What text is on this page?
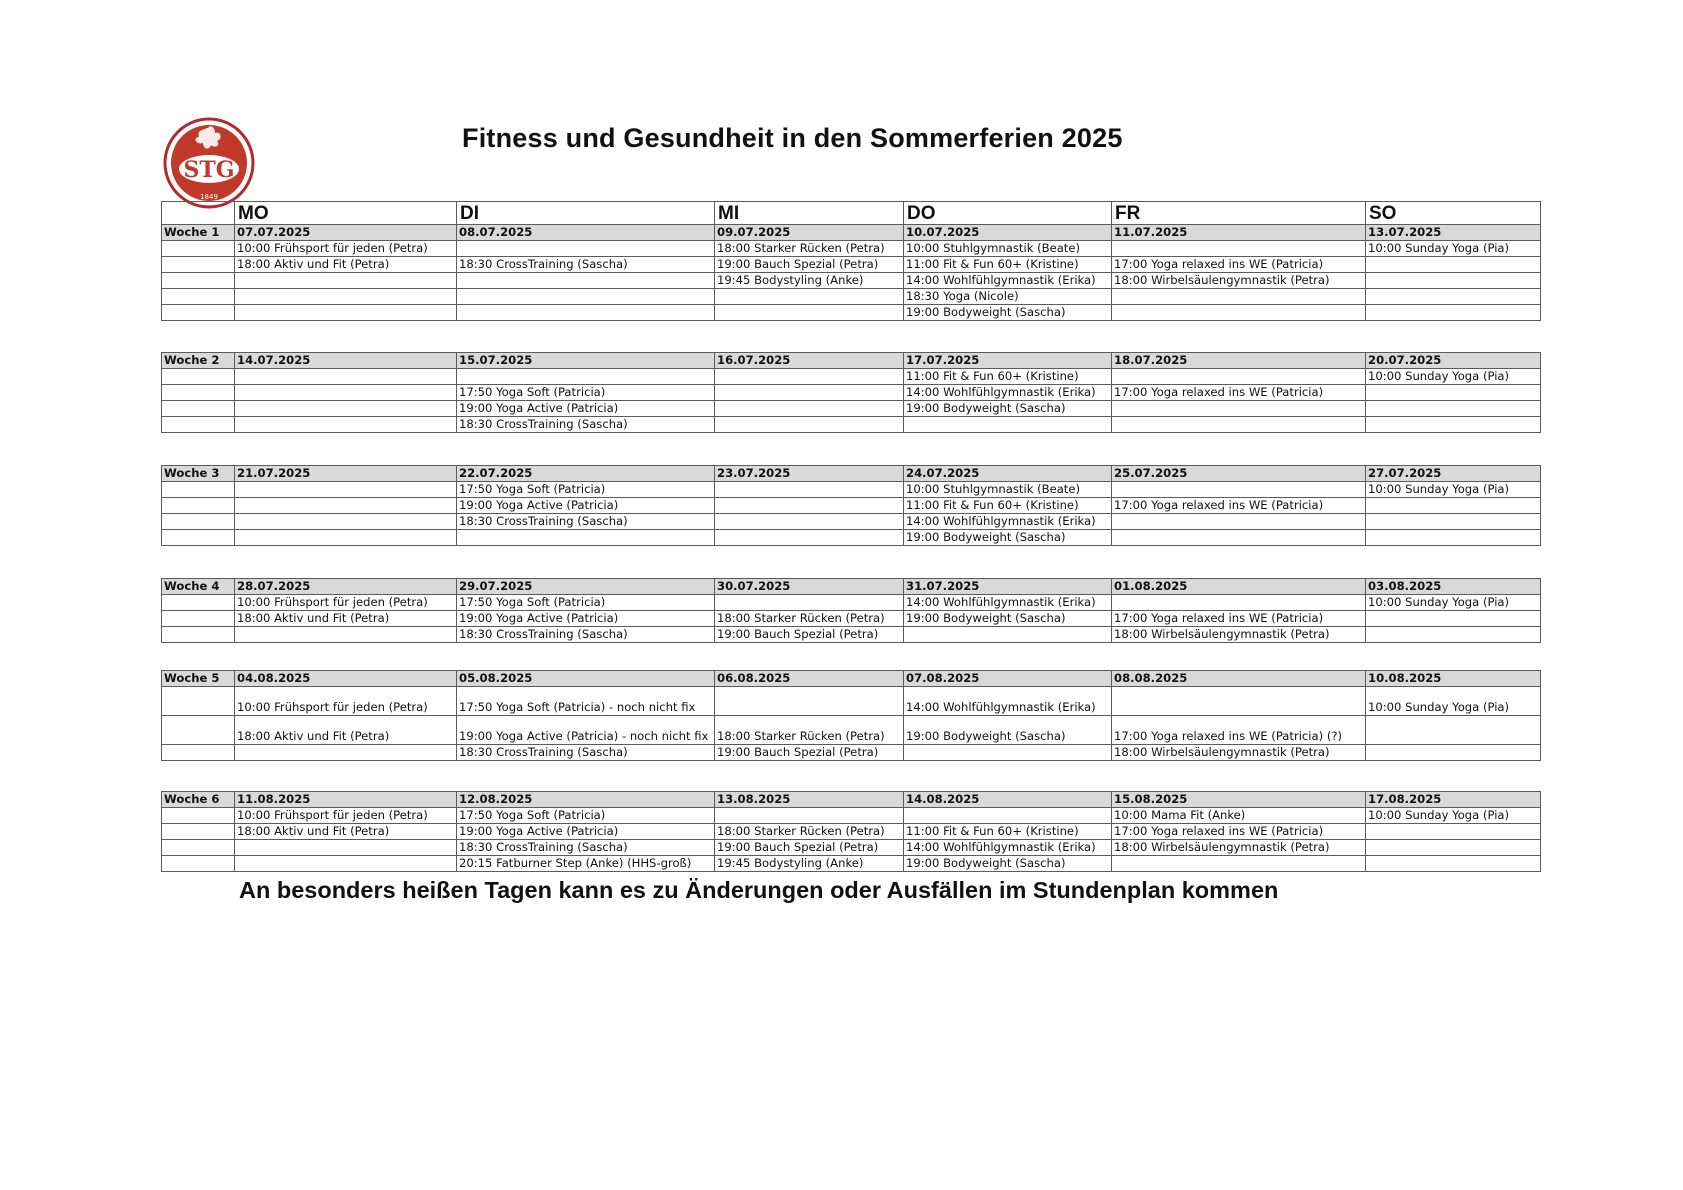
STG
1849
Fitness und Gesundheit in den Sommerferien 2025
	MO	DI	MI	DO	FR	SO
Woche 1	07.07.2025	08.07.2025	09.07.2025	10.07.2025	11.07.2025	13.07.2025
	10:00 Frühsport für jeden (Petra)		18:00 Starker Rücken (Petra)	10:00 Stuhlgymnastik (Beate)		10:00 Sunday Yoga (Pia)
	18:00 Aktiv und Fit (Petra)	18:30 CrossTraining (Sascha)	19:00 Bauch Spezial (Petra)	11:00 Fit & Fun 60+ (Kristine)	17:00 Yoga relaxed ins WE (Patricia)	
			19:45 Bodystyling (Anke)	14:00 Wohlfühlgymnastik (Erika)	18:00 Wirbelsäulengymnastik (Petra)	
				18:30 Yoga (Nicole)		
				19:00 Bodyweight (Sascha)		
Woche 2	14.07.2025	15.07.2025	16.07.2025	17.07.2025	18.07.2025	20.07.2025
				11:00 Fit & Fun 60+ (Kristine)		10:00 Sunday Yoga (Pia)
		17:50 Yoga Soft (Patricia)		14:00 Wohlfühlgymnastik (Erika)	17:00 Yoga relaxed ins WE (Patricia)	
		19:00 Yoga Active (Patricia)		19:00 Bodyweight (Sascha)		
		18:30 CrossTraining (Sascha)				
Woche 3	21.07.2025	22.07.2025	23.07.2025	24.07.2025	25.07.2025	27.07.2025
		17:50 Yoga Soft (Patricia)		10:00 Stuhlgymnastik (Beate)		10:00 Sunday Yoga (Pia)
		19:00 Yoga Active (Patricia)		11:00 Fit & Fun 60+ (Kristine)	17:00 Yoga relaxed ins WE (Patricia)	
		18:30 CrossTraining (Sascha)		14:00 Wohlfühlgymnastik (Erika)		
				19:00 Bodyweight (Sascha)		
Woche 4	28.07.2025	29.07.2025	30.07.2025	31.07.2025	01.08.2025	03.08.2025
	10:00 Frühsport für jeden (Petra)	17:50 Yoga Soft (Patricia)		14:00 Wohlfühlgymnastik (Erika)		10:00 Sunday Yoga (Pia)
	18:00 Aktiv und Fit (Petra)	19:00 Yoga Active (Patricia)	18:00 Starker Rücken (Petra)	19:00 Bodyweight (Sascha)	17:00 Yoga relaxed ins WE (Patricia)	
		18:30 CrossTraining (Sascha)	19:00 Bauch Spezial (Petra)		18:00 Wirbelsäulengymnastik (Petra)	
Woche 5	04.08.2025	05.08.2025	06.08.2025	07.08.2025	08.08.2025	10.08.2025
	10:00 Frühsport für jeden (Petra)	17:50 Yoga Soft (Patricia) - noch nicht fix		14:00 Wohlfühlgymnastik (Erika)		10:00 Sunday Yoga (Pia)
	18:00 Aktiv und Fit (Petra)	19:00 Yoga Active (Patricia) - noch nicht fix	18:00 Starker Rücken (Petra)	19:00 Bodyweight (Sascha)	17:00 Yoga relaxed ins WE (Patricia) (?)	
		18:30 CrossTraining (Sascha)	19:00 Bauch Spezial (Petra)		18:00 Wirbelsäulengymnastik (Petra)	
Woche 6	11.08.2025	12.08.2025	13.08.2025	14.08.2025	15.08.2025	17.08.2025
	10:00 Frühsport für jeden (Petra)	17:50 Yoga Soft (Patricia)			10:00 Mama Fit (Anke)	10:00 Sunday Yoga (Pia)
	18:00 Aktiv und Fit (Petra)	19:00 Yoga Active (Patricia)	18:00 Starker Rücken (Petra)	11:00 Fit & Fun 60+ (Kristine)	17:00 Yoga relaxed ins WE (Patricia)	
		18:30 CrossTraining (Sascha)	19:00 Bauch Spezial (Petra)	14:00 Wohlfühlgymnastik (Erika)	18:00 Wirbelsäulengymnastik (Petra)	
		20:15 Fatburner Step (Anke) (HHS-groß)	19:45 Bodystyling (Anke)	19:00 Bodyweight (Sascha)		
An besonders heißen Tagen kann es zu Änderungen oder Ausfällen im Stundenplan kommen
